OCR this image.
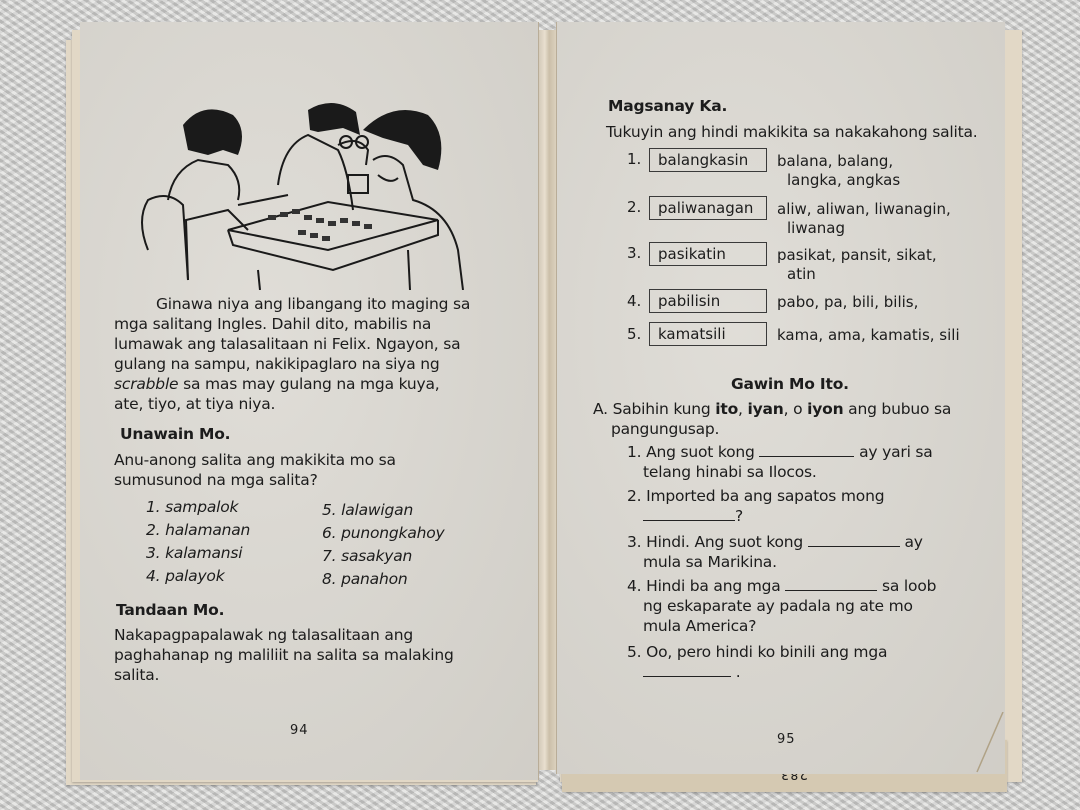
Ginawa niya ang libangang ito maging sa
mga salitang Ingles. Dahil dito, mabilis na
lumawak ang talasalitaan ni Felix. Ngayon, sa
gulang na sampu, nakikipaglaro na siya ng
scrabble sa mas may gulang na mga kuya,
ate, tiyo, at tiya niya.
Unawain Mo.
Anu-anong salita ang makikita mo sa
sumusunod na mga salita?
1. sampalok
2. halamanan
3. kalamansi
4. palayok
5. lalawigan
6. punongkahoy
7. sasakyan
8. panahon
Tandaan Mo.
Nakapagpapalawak ng talasalitaan ang
paghahanap ng maliliit na salita sa malaking
salita.
94
Magsanay Ka.
Tukuyin ang hindi makikita sa nakakahong salita.
1.	balangkasin	balana, balang,
langka, angkas
2.	paliwanagan	aliw, aliwan, liwanagin,
liwanag
3.	pasikatin	pasikat, pansit, sikat,
atin
4.	pabilisin	pabo, pa, bili, bilis,
5.	kamatsili	kama, ama, kamatis, sili
Gawin Mo Ito.
A. Sabihin kung ito, iyan, o iyon ang bubuo sa
pangungusap.
1. Ang suot kong	ay yari sa
telang hinabi sa Ilocos.
2. Imported ba ang sapatos mong
?
3. Hindi. Ang suot kong	ay
mula sa Marikina.
4. Hindi ba ang mga	sa loob
ng eskaparate ay padala ng ate mo
mula America?
5. Oo, pero hindi ko binili ang mga
.
95
